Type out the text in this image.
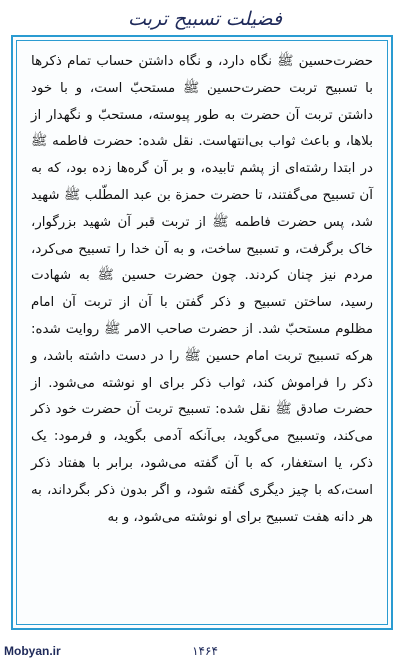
فضیلت تسبیح تربت
حضرت‌حسین ﷺ نگاه دارد، و نگاه داشتن حساب تمام ذکرها با تسبیح تربت حضرت‌حسین ﷺ مستحبّ است، و با خود داشتن تربت آن حضرت به طور پیوسته، مستحبّ و نگهدار از بلاها، و باعث ثواب بی‌انتهاست. نقل شده: حضرت فاطمه ﷺ در ابتدا رشته‌ای از پشم تابیده، و بر آن گره‌ها زده بود، که به آن تسبیح می‌گفتند، تا حضرت حمزة بن عبد المطّلب ﷺ شهید شد، پس حضرت فاطمه ﷺ از تربت قبر آن شهید بزرگوار، خاک برگرفت، و تسبیح ساخت، و به آن خدا را تسبیح می‌کرد، مردم نیز چنان کردند. چون حضرت حسین ﷺ به شهادت رسید، ساختن تسبیح و ذکر گفتن با آن از تربت آن امام مظلوم مستحبّ شد. از حضرت صاحب الامر ﷺ روایت شده: هرکه تسبیح تربت امام حسین ﷺ را در دست داشته باشد، و ذکر را فراموش کند، ثواب ذکر برای او نوشته می‌شود. از حضرت صادق ﷺ نقل شده: تسبیح تربت آن حضرت خود ذکر می‌کند، وتسبیح می‌گوید، بی‌آنکه آدمی بگوید، و فرمود: یک ذکر، یا استغفار، که با آن گفته می‌شود، برابر با هفتاد ذکر است،که با چیز دیگری گفته شود، و اگر بدون ذکر بگرداند، به هر دانه هفت تسبیح برای او نوشته می‌شود، و به
Mobyan.ir	۱۴۶۴
